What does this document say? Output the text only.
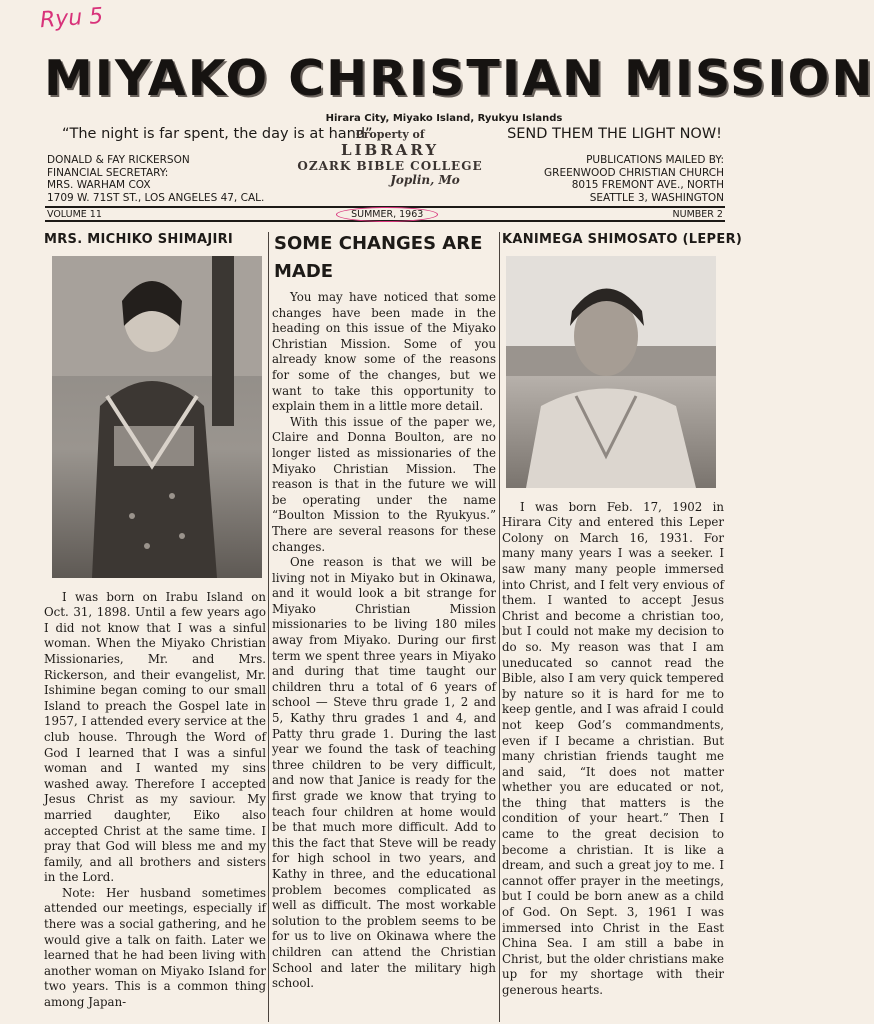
Ryu 5
MIYAKO CHRISTIAN MISSION
Hirara City, Miyako Island, Ryukyu Islands
“The night is far spent, the day is at hand”	SEND THEM THE LIGHT NOW!
Property of
LIBRARY
OZARK BIBLE COLLEGE
Joplin, Mo
DONALD & FAY RICKERSON
FINANCIAL SECRETARY:
MRS. WARHAM COX
1709 W. 71ST ST., LOS ANGELES 47, CAL.
PUBLICATIONS MAILED BY:
GREENWOOD CHRISTIAN CHURCH
8015 FREMONT AVE., NORTH
SEATTLE 3, WASHINGTON
VOLUME 11	SUMMER, 1963	NUMBER 2
MRS. MICHIKO SHIMAJIRI

I was born on Irabu Island on Oct. 31, 1898. Until a few years ago I did not know that I was a sinful woman. When the Miyako Christian Missionaries, Mr. and Mrs. Rickerson, and their evangelist, Mr. Ishimine began coming to our small Island to preach the Gospel late in 1957, I attended every service at the club house. Through the Word of God I learned that I was a sinful woman and I wanted my sins washed away. Therefore I accepted Jesus Christ as my saviour. My married daughter, Eiko also accepted Christ at the same time. I pray that God will bless me and my family, and all brothers and sisters in the Lord.

Note: Her husband sometimes attended our meetings, especially if there was a social gathering, and he would give a talk on faith. Later we learned that he had been living with another woman on Miyako Island for two years. This is a common thing among Japan-

SOME CHANGES ARE MADE

You may have noticed that some changes have been made in the heading on this issue of the Miyako Christian Mission. Some of you already know some of the reasons for some of the changes, but we want to take this opportunity to explain them in a little more detail.

With this issue of the paper we, Claire and Donna Boulton, are no longer listed as missionaries of the Miyako Christian Mission. The reason is that in the future we will be operating under the name “Boulton Mission to the Ryukyus.” There are several reasons for these changes.

One reason is that we will be living not in Miyako but in Okinawa, and it would look a bit strange for Miyako Christian Mission missionaries to be living 180 miles away from Miyako. During our first term we spent three years in Miyako and during that time taught our children thru a total of 6 years of school — Steve thru grade 1, 2 and 5, Kathy thru grades 1 and 4, and Patty thru grade 1. During the last year we found the task of teaching three children to be very difficult, and now that Janice is ready for the first grade we know that trying to teach four children at home would be that much more difficult. Add to this the fact that Steve will be ready for high school in two years, and Kathy in three, and the educational problem becomes complicated as well as difficult. The most workable solution to the problem seems to be for us to live on Okinawa where the children can attend the Christian School and later the military high school.

KANIMEGA SHIMOSATO (LEPER)

I was born Feb. 17, 1902 in Hirara City and entered this Leper Colony on March 16, 1931. For many many years I was a seeker. I saw many many people immersed into Christ, and I felt very envious of them. I wanted to accept Jesus Christ and become a christian too, but I could not make my decision to do so. My reason was that I am uneducated so cannot read the Bible, also I am very quick tempered by nature so it is hard for me to keep gentle, and I was afraid I could not keep God’s commandments, even if I became a christian. But many christian friends taught me and said, “It does not matter whether you are educated or not, the thing that matters is the condition of your heart.” Then I came to the great decision to become a christian. It is like a dream, and such a great joy to me. I cannot offer prayer in the meetings, but I could be born anew as a child of God. On Sept. 3, 1961 I was immersed into Christ in the East China Sea. I am still a babe in Christ, but the older christians make up for my shortage with their generous hearts.
